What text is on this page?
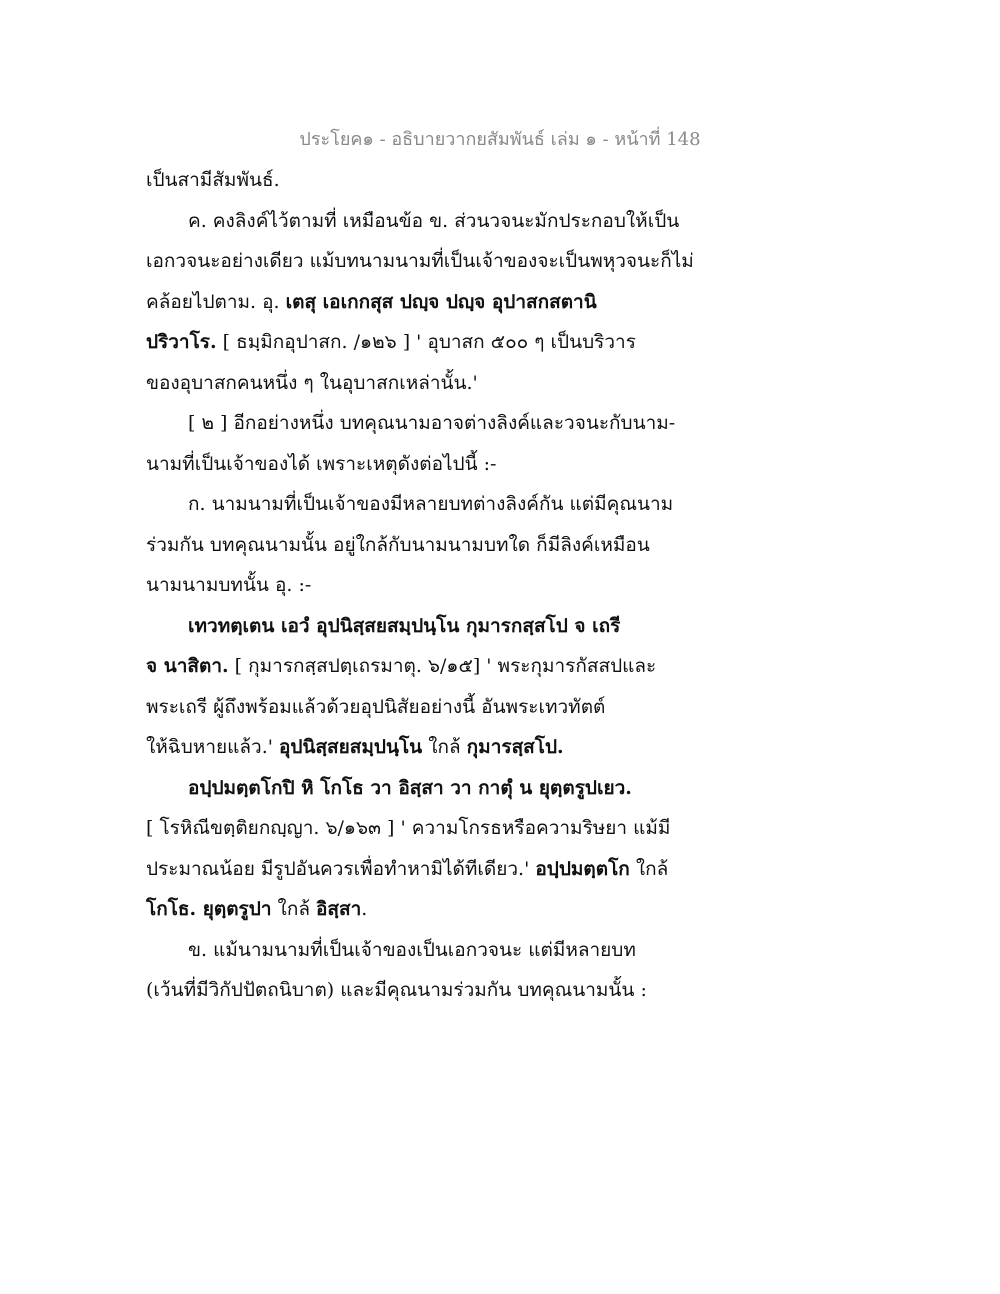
ประโยค๑ - อธิบายวากยสัมพันธ์ เล่ม ๑ - หน้าที่ 148
เป็นสามีสัมพันธ์.
ค. คงลิงค์ไว้ตามที่ เหมือนข้อ ข. ส่วนวจนะมักประกอบให้เป็น
เอกวจนะอย่างเดียว แม้บทนามนามที่เป็นเจ้าของจะเป็นพหุวจนะก็ไม่
คล้อยไปตาม. อุ. เตสุ เอเกกสุส ปญฺจ ปญฺจ อุปาสกสตานิ
ปริวาโร. [ ธมฺมิกอุปาสก. /๑๒๖ ] ' อุบาสก ๕๐๐ ๆ เป็นบริวาร
ของอุบาสกคนหนึ่ง ๆ ในอุบาสกเหล่านั้น.'
[ ๒ ] อีกอย่างหนึ่ง บทคุณนามอาจต่างลิงค์และวจนะกับนาม-
นามที่เป็นเจ้าของได้ เพราะเหตุดังต่อไปนี้ :-
ก. นามนามที่เป็นเจ้าของมีหลายบทต่างลิงค์กัน แต่มีคุณนาม
ร่วมกัน บทคุณนามนั้น อยู่ใกล้กับนามนามบทใด ก็มีลิงค์เหมือน
นามนามบทนั้น อุ. :-
เทวทตฺเตน เอวํ อุปนิสฺสยสมฺปนฺโน กุมารกสฺสโป จ เถรี
จ นาสิตา. [ กุมารกสฺสปตฺเถรมาตุ. ๖/๑๕] ' พระกุมารกัสสปและ
พระเถรี ผู้ถึงพร้อมแล้วด้วยอุปนิสัยอย่างนี้ อันพระเทวทัตต์
ให้ฉิบหายแล้ว.' อุปนิสฺสยสมฺปนฺโน ใกล้ กุมารสฺสโป.
อปฺปมตฺตโกปิ หิ โกโธ วา อิสฺสา วา กาตุํ น ยุตฺตรูปเยว.
[ โรหิณีขตฺติยกญฺญา. ๖/๑๖๓ ] ' ความโกรธหรือความริษยา แม้มี
ประมาณน้อย มีรูปอันควรเพื่อทำหามิได้ทีเดียว.' อปฺปมตฺตโก ใกล้
โกโธ. ยุตฺตรูปา ใกล้ อิสฺสา.
ข. แม้นามนามที่เป็นเจ้าของเป็นเอกวจนะ แต่มีหลายบท
(เว้นที่มีวิกัปปัตถนิบาต) และมีคุณนามร่วมกัน บทคุณนามนั้น :
